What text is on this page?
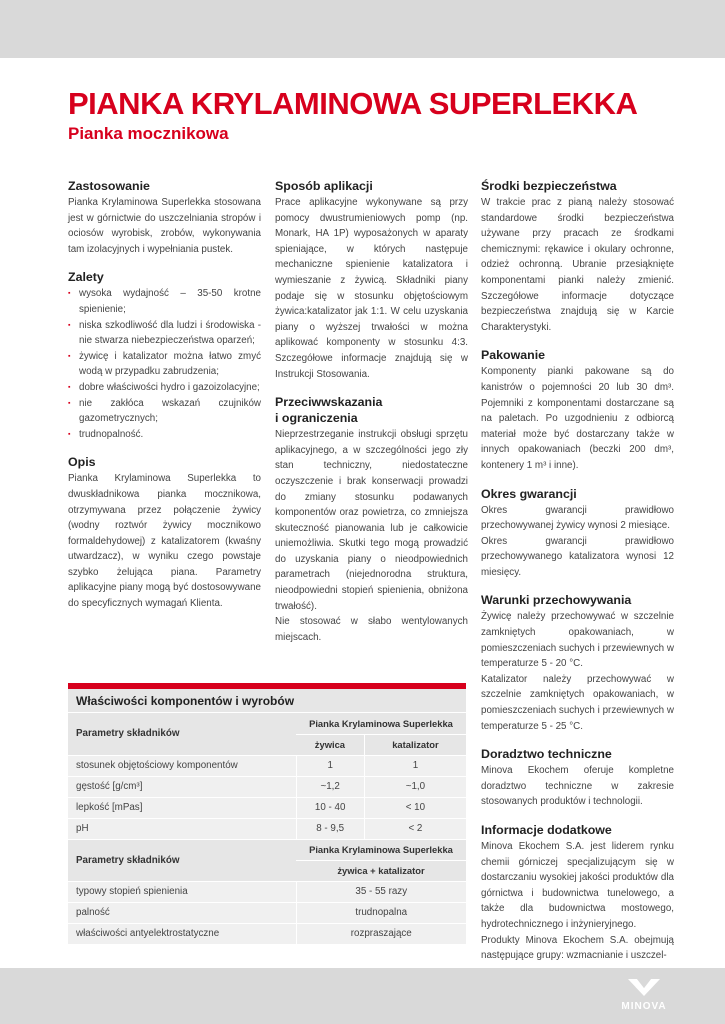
PIANKA KRYLAMINOWA SUPERLEKKA
Pianka mocznikowa
Zastosowanie

Pianka Krylaminowa Superlekka stosowana jest w górnictwie do uszczelniania stropów i ociosów wyrobisk, zrobów, wykonywania tam izolacyjnych i wypełniania pustek.

Zalety
▪ wysoka wydajność – 35-50 krotne spienienie;
▪ niska szkodliwość dla ludzi i środowiska - nie stwarza niebezpieczeństwa oparzeń;
▪ żywicę i katalizator można łatwo zmyć wodą w przypadku zabrudzenia;
▪ dobre właściwości hydro i gazoizolacyjne;
▪ nie zakłóca wskazań czujników gazometrycznych;
▪ trudnopalność.
Opis

Pianka Krylaminowa Superlekka to dwuskładnikowa pianka mocznikowa, otrzymywana przez połączenie żywicy (wodny roztwór żywicy mocznikowo formaldehydowej) z katalizatorem (kwaśny utwardzacz), w wyniku czego powstaje szybko żelująca piana. Parametry aplikacyjne piany mogą być dostosowywane do specyficznych wymagań Klienta.

Sposób aplikacji

Prace aplikacyjne wykonywane są przy pomocy dwustrumieniowych pomp (np. Monark, HA 1P) wyposażonych w aparaty spieniające, w których następuje mechaniczne spienienie katalizatora i wymieszanie z żywicą. Składniki piany podaje się w stosunku objętościowym żywica:katalizator jak 1:1. W celu uzyskania piany o wyższej trwałości w można aplikować komponenty w stosunku 4:3. Szczegółowe informacje znajdują się w Instrukcji Stosowania.

Przeciwwskazania
i ograniczenia

Nieprzestrzeganie instrukcji obsługi sprzętu aplikacyjnego, a w szczególności jego zły stan techniczny, niedostateczne oczyszczenie i brak konserwacji prowadzi do zmiany stosunku podawanych komponentów oraz powietrza, co zmniejsza skuteczność pianowania lub je całkowicie uniemożliwia. Skutki tego mogą prowadzić do uzyskania piany o nieodpowiednich parametrach (niejednorodna struktura, nieodpowiedni stopień spienienia, obniżona trwałość).

Nie stosować w słabo wentylowanych miejscach.

Środki bezpieczeństwa

W trakcie prac z pianą należy stosować standardowe środki bezpieczeństwa używane przy pracach ze środkami chemicznymi: rękawice i okulary ochronne, odzież ochronną. Ubranie przesiąknięte komponentami pianki należy zmienić. Szczegółowe informacje dotyczące bezpieczeństwa znajdują się w Karcie Charakterystyki.

Pakowanie

Komponenty pianki pakowane są do kanistrów o pojemności 20 lub 30 dm³. Pojemniki z komponentami dostarczane są na paletach. Po uzgodnieniu z odbiorcą materiał może być dostarczany także w innych opakowaniach (beczki 200 dm³, kontenery 1 m³ i inne).

Okres gwarancji

Okres gwarancji prawidłowo przechowywanej żywicy wynosi 2 miesiące.

Okres gwarancji prawidłowo przechowywanego katalizatora wynosi 12 miesięcy.

Warunki przechowywania

Żywicę należy przechowywać w szczelnie zamkniętych opakowaniach, w pomieszczeniach suchych i przewiewnych w temperaturze 5 - 20 °C.

Katalizator należy przechowywać w szczelnie zamkniętych opakowaniach, w pomieszczeniach suchych i przewiewnych w temperaturze 5 - 25 °C.

Doradztwo techniczne

Minova Ekochem oferuje kompletne doradztwo techniczne w zakresie stosowanych produktów i technologii.

Informacje dodatkowe

Minova Ekochem S.A. jest liderem rynku chemii górniczej specjalizującym się w dostarczaniu wysokiej jakości produktów dla górnictwa i budownictwa tunelowego, a także dla budownictwa mostowego, hydrotechnicznego i inżynieryjnego.

Produkty Minova Ekochem S.A. obejmują następujące grupy: wzmacnianie i uszczel-

Właściwości komponentów i wyrobów
Parametry składników	Pianka Krylaminowa Superlekka	
	żywica	katalizator
stosunek objętościowy komponentów	1	1
gęstość [g/cm³]	~1,2	~1,0
lepkość [mPas]	10 - 40	< 10
pH	8 - 9,5	< 2
Parametry składników	Pianka Krylaminowa Superlekka	
	żywica + katalizator	
typowy stopień spienienia	35 - 55 razy	
palność	trudnopalna	
właściwości antyelektrostatyczne	rozpraszające	
MINOVA
